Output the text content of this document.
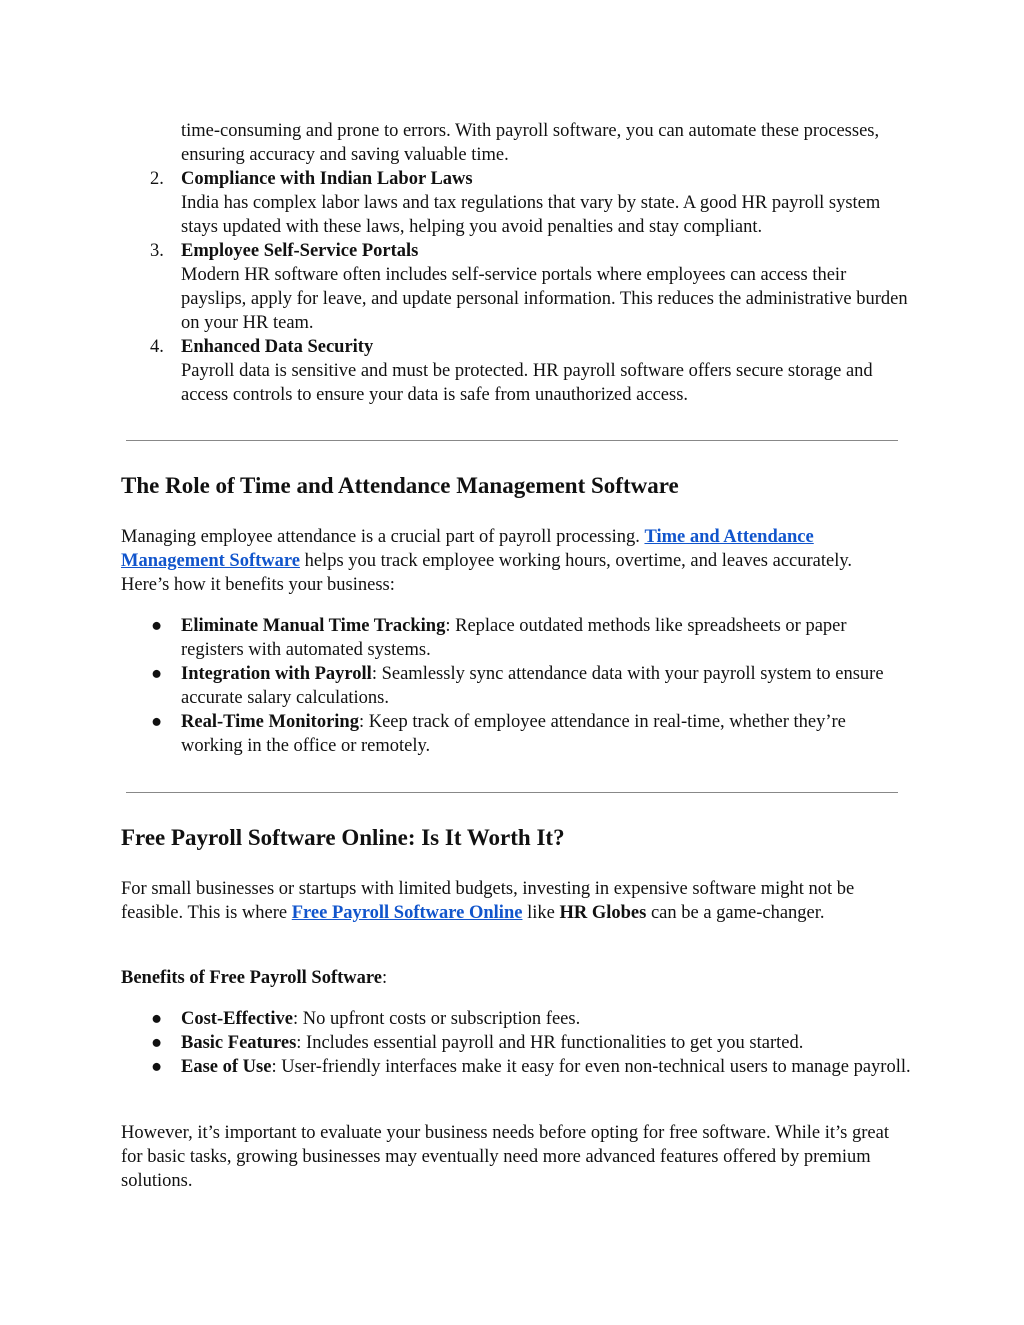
time-consuming and prone to errors. With payroll software, you can automate these processes, ensuring accuracy and saving valuable time.
2. Compliance with Indian Labor Laws
India has complex labor laws and tax regulations that vary by state. A good HR payroll system stays updated with these laws, helping you avoid penalties and stay compliant.
3. Employee Self-Service Portals
Modern HR software often includes self-service portals where employees can access their payslips, apply for leave, and update personal information. This reduces the administrative burden on your HR team.
4. Enhanced Data Security
Payroll data is sensitive and must be protected. HR payroll software offers secure storage and access controls to ensure your data is safe from unauthorized access.
The Role of Time and Attendance Management Software

Managing employee attendance is a crucial part of payroll processing. Time and Attendance Management Software helps you track employee working hours, overtime, and leaves accurately. Here’s how it benefits your business:

● Eliminate Manual Time Tracking: Replace outdated methods like spreadsheets or paper registers with automated systems.
● Integration with Payroll: Seamlessly sync attendance data with your payroll system to ensure accurate salary calculations.
● Real-Time Monitoring: Keep track of employee attendance in real-time, whether they’re working in the office or remotely.
Free Payroll Software Online: Is It Worth It?

For small businesses or startups with limited budgets, investing in expensive software might not be feasible. This is where Free Payroll Software Online like HR Globes can be a game-changer.

Benefits of Free Payroll Software:

● Cost-Effective: No upfront costs or subscription fees.
● Basic Features: Includes essential payroll and HR functionalities to get you started.
● Ease of Use: User-friendly interfaces make it easy for even non-technical users to manage payroll.

However, it’s important to evaluate your business needs before opting for free software. While it’s great for basic tasks, growing businesses may eventually need more advanced features offered by premium solutions.
